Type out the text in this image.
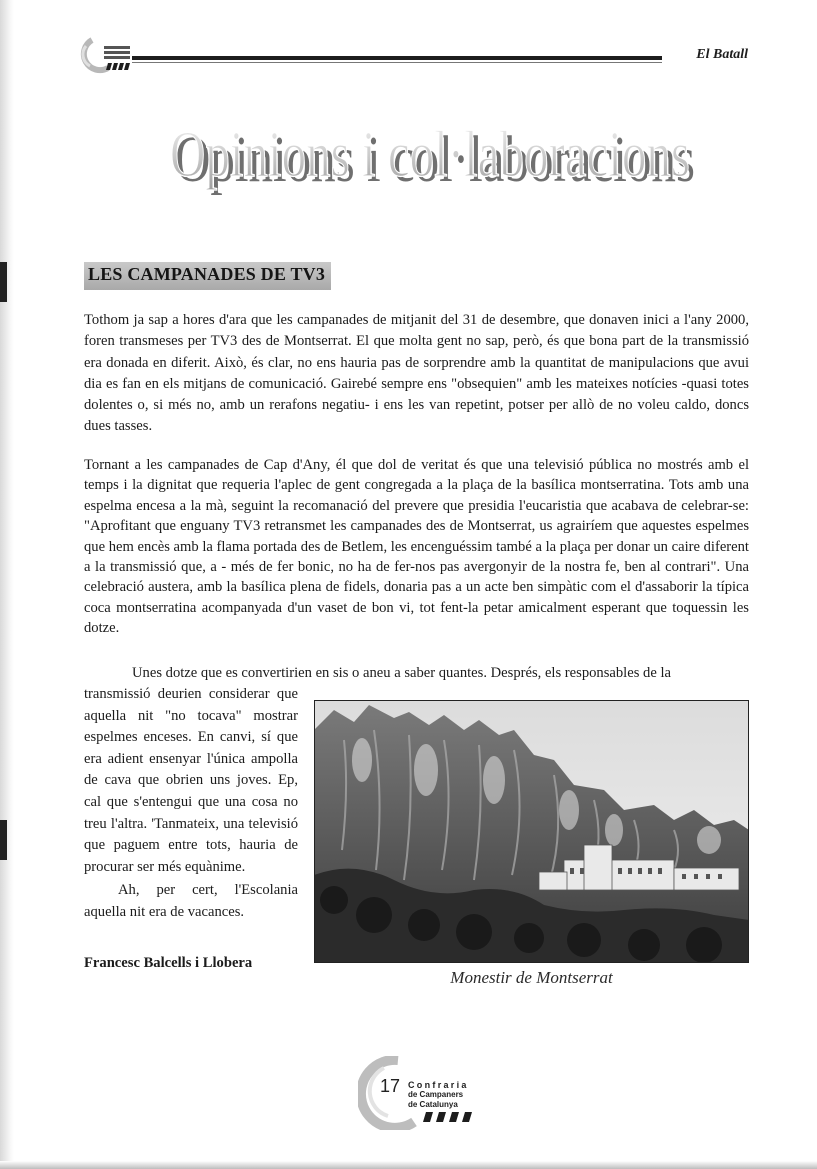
El Batall
Opinions i col·laboracions
Opinions i col·laboracions
LES CAMPANADES DE TV3

Tothom ja sap a hores d'ara que les campanades de mitjanit del 31 de desembre, que donaven inici a l'any 2000, foren transmeses per TV3 des de Montserrat. El que molta gent no sap, però, és que bona part de la transmissió era donada en diferit. Això, és clar, no ens hauria pas de sorprendre amb la quantitat de manipulacions que avui dia es fan en els mitjans de comunicació. Gairebé sempre ens "obsequien" amb les mateixes notícies -quasi totes dolentes o, si més no, amb un rerafons negatiu- i ens les van repetint, potser per allò de no voleu caldo, doncs dues tasses.

Tornant a les campanades de Cap d'Any, él que dol de veritat és que una televisió pública no mostrés amb el temps i la dignitat que requeria l'aplec de gent congregada a la plaça de la basílica montserratina. Tots amb una espelma encesa a la mà, seguint la recomanació del prevere que presidia l'eucaristia que acabava de celebrar-se: "Aprofitant que enguany TV3 retransmet les campanades des de Montserrat, us agrairíem que aquestes espelmes que hem encès amb la flama portada des de Betlem, les encenguéssim també a la plaça per donar un caire diferent a la transmissió que, a - més de fer bonic, no ha de fer-nos pas avergonyir de la nostra fe, ben al contrari". Una celebració austera, amb la basílica plena de fidels, donaria pas a un acte ben simpàtic com el d'assaborir la típica coca montserratina acompanyada d'un vaset de bon vi, tot fent-la petar amicalment esperant que toquessin les dotze.

Unes dotze que es convertirien en sis o aneu a saber quantes. Després, els responsables de la

transmissió deurien considerar que aquella nit "no tocava" mostrar espelmes enceses. En canvi, sí que era adient ensenyar l'única ampolla de cava que obrien uns joves. Ep, cal que s'entengui que una cosa no treu l'altra. 'Tanmateix, una televisió que paguem entre tots, hauria de procurar ser més equànime.

Ah, per cert, l'Escolania aquella nit era de vacances.

Francesc Balcells i Llobera
Monestir de Montserrat
17 Confraria
de Campaners
de Catalunya
